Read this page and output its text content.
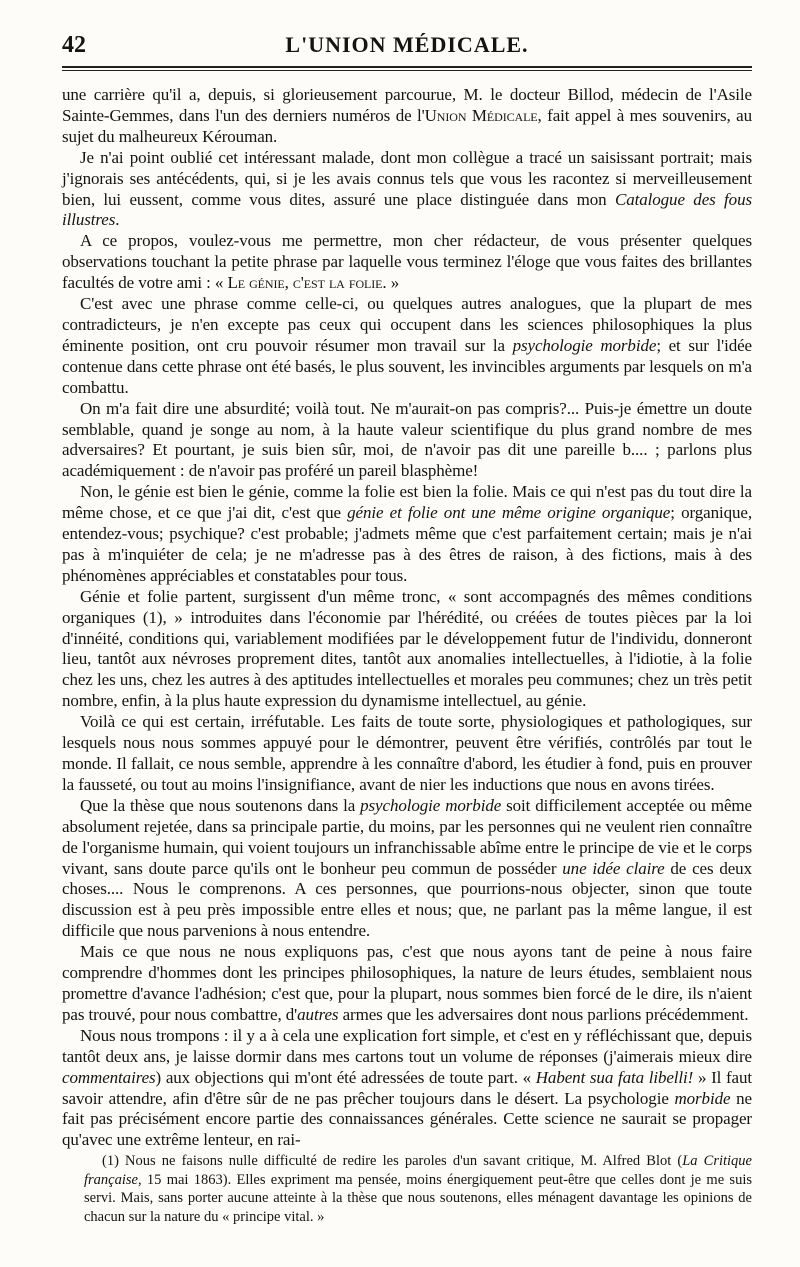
42	L'UNION MÉDICALE.

une carrière qu'il a, depuis, si glorieusement parcourue, M. le docteur Billod, médecin de l'Asile Sainte-Gemmes, dans l'un des derniers numéros de l'Union Médicale, fait appel à mes souvenirs, au sujet du malheureux Kérouman.

Je n'ai point oublié cet intéressant malade, dont mon collègue a tracé un saisissant portrait; mais j'ignorais ses antécédents, qui, si je les avais connus tels que vous les racontez si merveilleusement bien, lui eussent, comme vous dites, assuré une place distinguée dans mon Catalogue des fous illustres.

A ce propos, voulez-vous me permettre, mon cher rédacteur, de vous présenter quelques observations touchant la petite phrase par laquelle vous terminez l'éloge que vous faites des brillantes facultés de votre ami : « Le génie, c'est la folie. »

C'est avec une phrase comme celle-ci, ou quelques autres analogues, que la plupart de mes contradicteurs, je n'en excepte pas ceux qui occupent dans les sciences philosophiques la plus éminente position, ont cru pouvoir résumer mon travail sur la psychologie morbide; et sur l'idée contenue dans cette phrase ont été basés, le plus souvent, les invincibles arguments par lesquels on m'a combattu.

On m'a fait dire une absurdité; voilà tout. Ne m'aurait-on pas compris?... Puis-je émettre un doute semblable, quand je songe au nom, à la haute valeur scientifique du plus grand nombre de mes adversaires? Et pourtant, je suis bien sûr, moi, de n'avoir pas dit une pareille b.... ; parlons plus académiquement : de n'avoir pas proféré un pareil blasphème!

Non, le génie est bien le génie, comme la folie est bien la folie. Mais ce qui n'est pas du tout dire la même chose, et ce que j'ai dit, c'est que génie et folie ont une même origine organique; organique, entendez-vous; psychique? c'est probable; j'admets même que c'est parfaitement certain; mais je n'ai pas à m'inquiéter de cela; je ne m'adresse pas à des êtres de raison, à des fictions, mais à des phénomènes appréciables et constatables pour tous.

Génie et folie partent, surgissent d'un même tronc, « sont accompagnés des mêmes conditions organiques (1), » introduites dans l'économie par l'hérédité, ou créées de toutes pièces par la loi d'innéité, conditions qui, variablement modifiées par le développement futur de l'individu, donneront lieu, tantôt aux névroses proprement dites, tantôt aux anomalies intellectuelles, à l'idiotie, à la folie chez les uns, chez les autres à des aptitudes intellectuelles et morales peu communes; chez un très petit nombre, enfin, à la plus haute expression du dynamisme intellectuel, au génie.

Voilà ce qui est certain, irréfutable. Les faits de toute sorte, physiologiques et pathologiques, sur lesquels nous nous sommes appuyé pour le démontrer, peuvent être vérifiés, contrôlés par tout le monde. Il fallait, ce nous semble, apprendre à les connaître d'abord, les étudier à fond, puis en prouver la fausseté, ou tout au moins l'insignifiance, avant de nier les inductions que nous en avons tirées.

Que la thèse que nous soutenons dans la psychologie morbide soit difficilement acceptée ou même absolument rejetée, dans sa principale partie, du moins, par les personnes qui ne veulent rien connaître de l'organisme humain, qui voient toujours un infranchissable abîme entre le principe de vie et le corps vivant, sans doute parce qu'ils ont le bonheur peu commun de posséder une idée claire de ces deux choses.... Nous le comprenons. A ces personnes, que pourrions-nous objecter, sinon que toute discussion est à peu près impossible entre elles et nous; que, ne parlant pas la même langue, il est difficile que nous parvenions à nous entendre.

Mais ce que nous ne nous expliquons pas, c'est que nous ayons tant de peine à nous faire comprendre d'hommes dont les principes philosophiques, la nature de leurs études, semblaient nous promettre d'avance l'adhésion; c'est que, pour la plupart, nous sommes bien forcé de le dire, ils n'aient pas trouvé, pour nous combattre, d'autres armes que les adversaires dont nous parlions précédemment.

Nous nous trompons : il y a à cela une explication fort simple, et c'est en y réfléchissant que, depuis tantôt deux ans, je laisse dormir dans mes cartons tout un volume de réponses (j'aimerais mieux dire commentaires) aux objections qui m'ont été adressées de toute part. « Habent sua fata libelli! » Il faut savoir attendre, afin d'être sûr de ne pas prêcher toujours dans le désert. La psychologie morbide ne fait pas précisément encore partie des connaissances générales. Cette science ne saurait se propager qu'avec une extrême lenteur, en rai-

(1) Nous ne faisons nulle difficulté de redire les paroles d'un savant critique, M. Alfred Blot (La Critique française, 15 mai 1863). Elles expriment ma pensée, moins énergiquement peut-être que celles dont je me suis servi. Mais, sans porter aucune atteinte à la thèse que nous soutenons, elles ménagent davantage les opinions de chacun sur la nature du « principe vital. »
